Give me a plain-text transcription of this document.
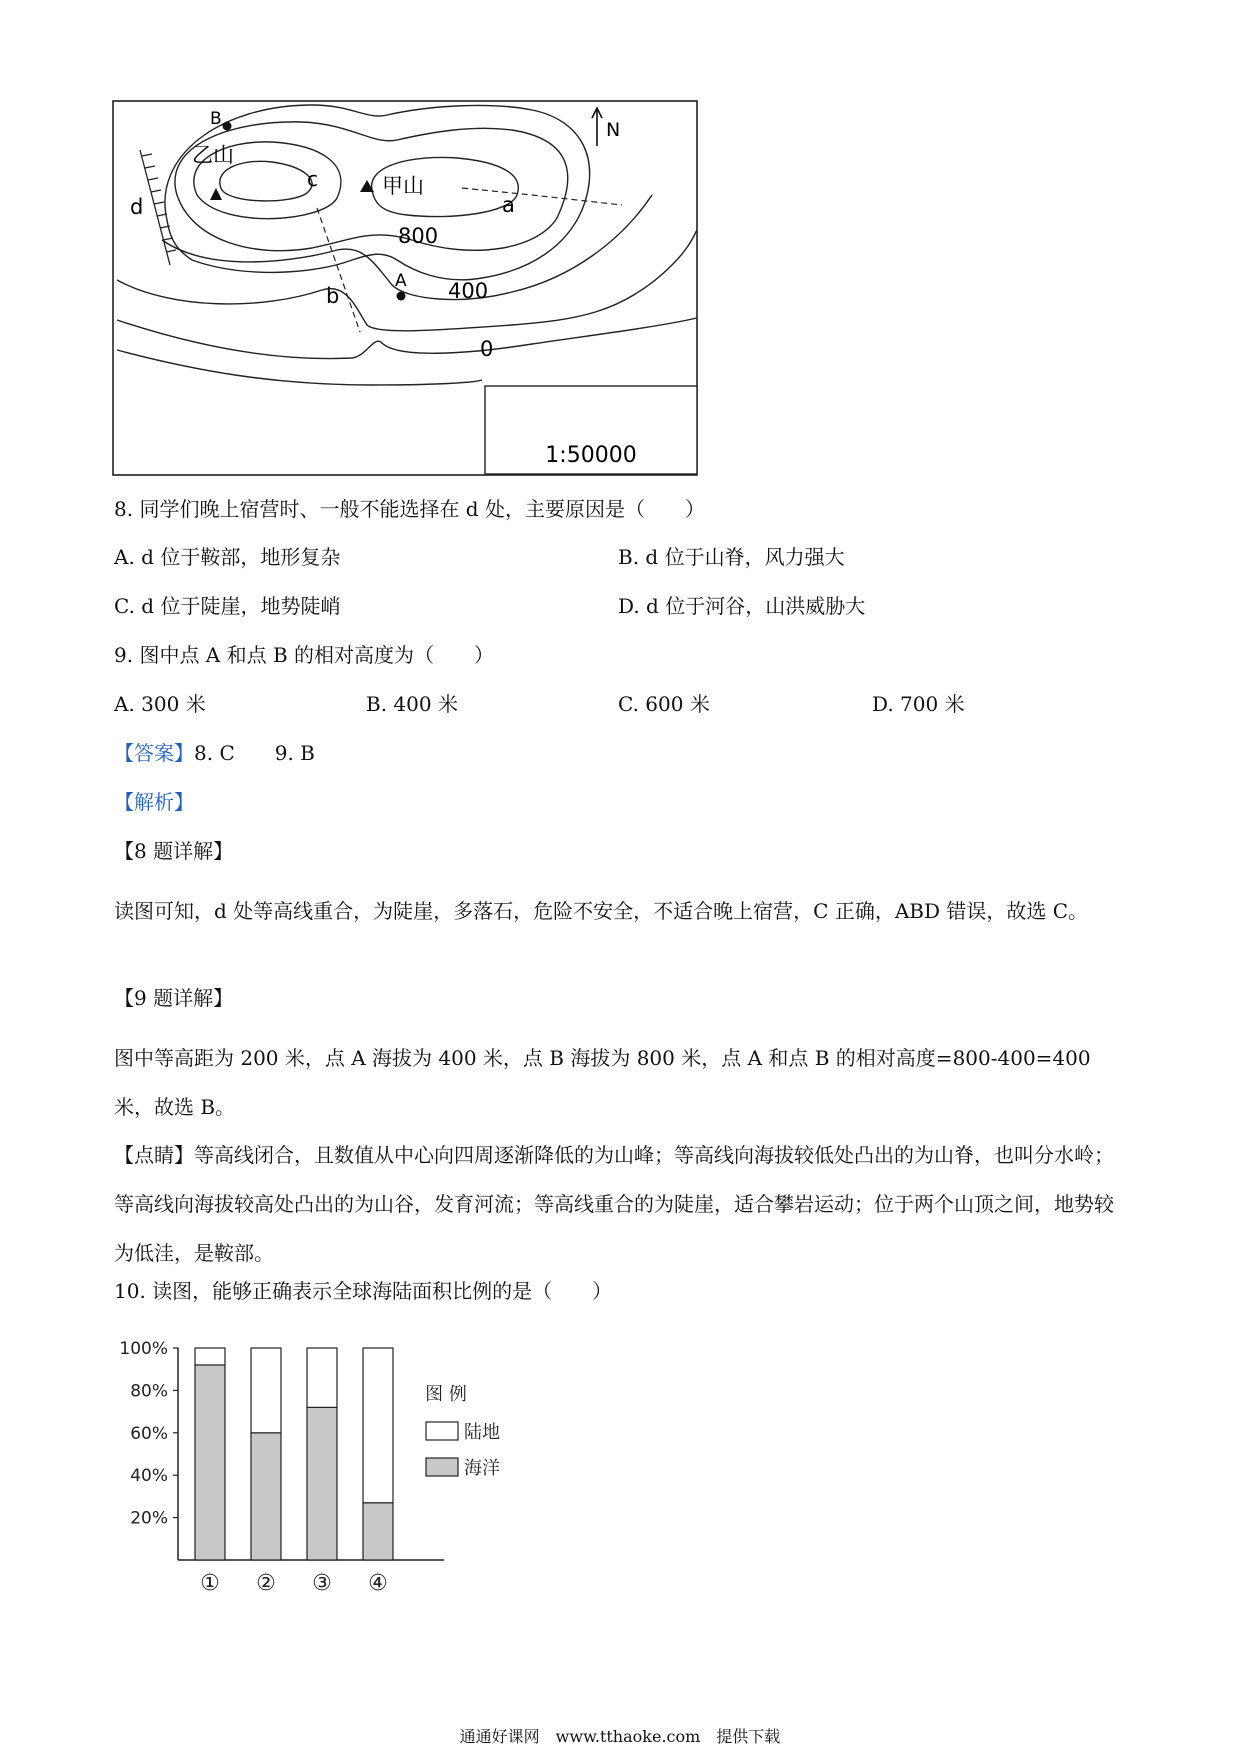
B
A
乙山
甲山
c
a
b
d
800
400
0
N
1:50000
8. 同学们晚上宿营时、一般不能选择在 d 处，主要原因是（　　）
A. d 位于鞍部，地形复杂	B. d 位于山脊，风力强大
C. d 位于陡崖，地势陡峭	D. d 位于河谷，山洪威胁大
9. 图中点 A 和点 B 的相对高度为（　　）
A. 300 米	B. 400 米	C. 600 米	D. 700 米
【答案】8. C　　9. B
【解析】
【8 题详解】
读图可知，d 处等高线重合，为陡崖，多落石，危险不安全，不适合晚上宿营，C 正确，ABD 错误，故选 C。
【9 题详解】
图中等高距为 200 米，点 A 海拔为 400 米，点 B 海拔为 800 米，点 A 和点 B 的相对高度=800-400=400 米，故选 B。
【点睛】等高线闭合，且数值从中心向四周逐渐降低的为山峰；等高线向海拔较低处凸出的为山脊，也叫分水岭；等高线向海拔较高处凸出的为山谷，发育河流；等高线重合的为陡崖，适合攀岩运动；位于两个山顶之间，地势较为低洼，是鞍部。
10. 读图，能够正确表示全球海陆面积比例的是（　　）
100%
80%
60%
40%
20%
① ② ③ ④
图 例
陆地
海洋
通通好课网　www.tthaoke.com　提供下载
